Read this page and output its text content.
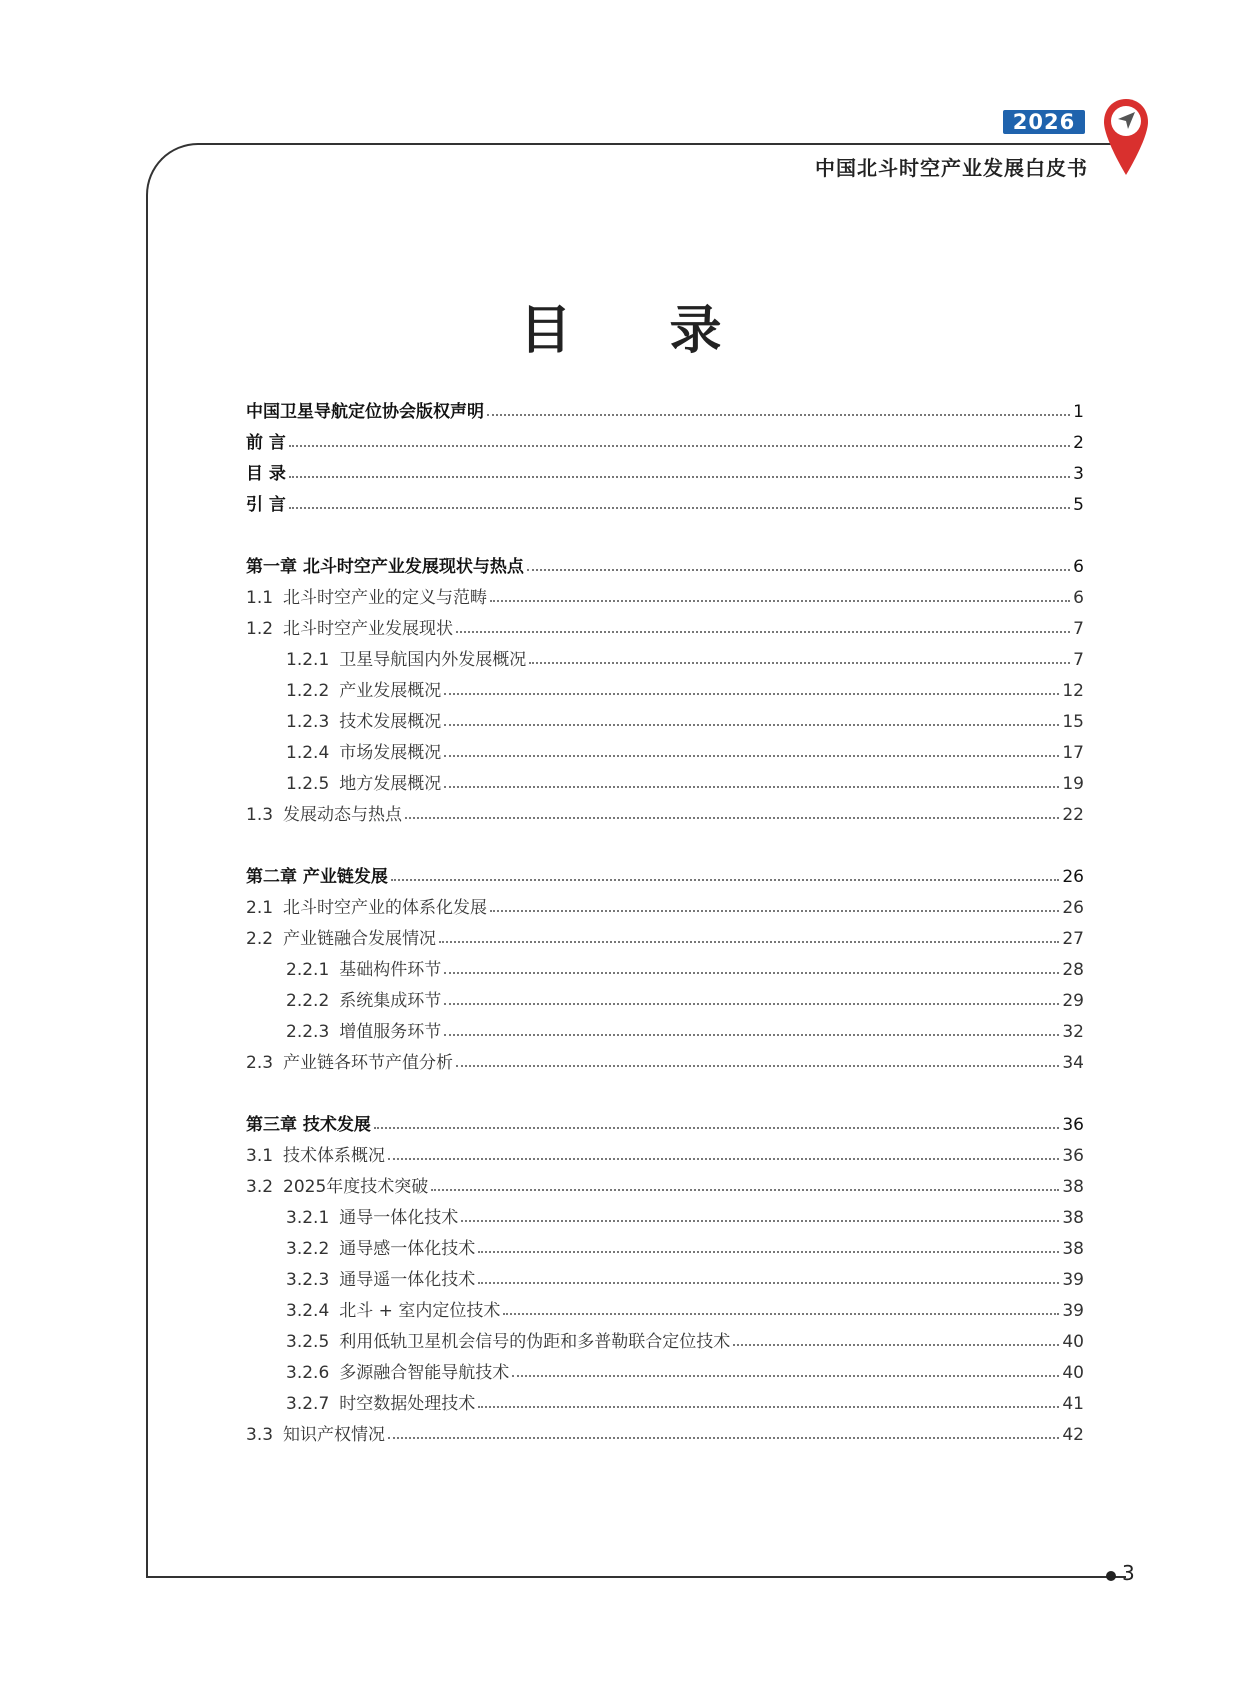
2026
中国北斗时空产业发展白皮书
目 录
中国卫星导航定位协会版权声明	1
前 言	2
目 录	3
引 言	5
第一章 北斗时空产业发展现状与热点	6
1.1 北斗时空产业的定义与范畴	6
1.2 北斗时空产业发展现状	7
1.2.1 卫星导航国内外发展概况	7
1.2.2 产业发展概况	12
1.2.3 技术发展概况	15
1.2.4 市场发展概况	17
1.2.5 地方发展概况	19
1.3 发展动态与热点	22
第二章 产业链发展	26
2.1 北斗时空产业的体系化发展	26
2.2 产业链融合发展情况	27
2.2.1 基础构件环节	28
2.2.2 系统集成环节	29
2.2.3 增值服务环节	32
2.3 产业链各环节产值分析	34
第三章 技术发展	36
3.1 技术体系概况	36
3.2 2025年度技术突破	38
3.2.1 通导一体化技术	38
3.2.2 通导感一体化技术	38
3.2.3 通导遥一体化技术	39
3.2.4 北斗 + 室内定位技术	39
3.2.5 利用低轨卫星机会信号的伪距和多普勒联合定位技术	40
3.2.6 多源融合智能导航技术	40
3.2.7 时空数据处理技术	41
3.3 知识产权情况	42
3
